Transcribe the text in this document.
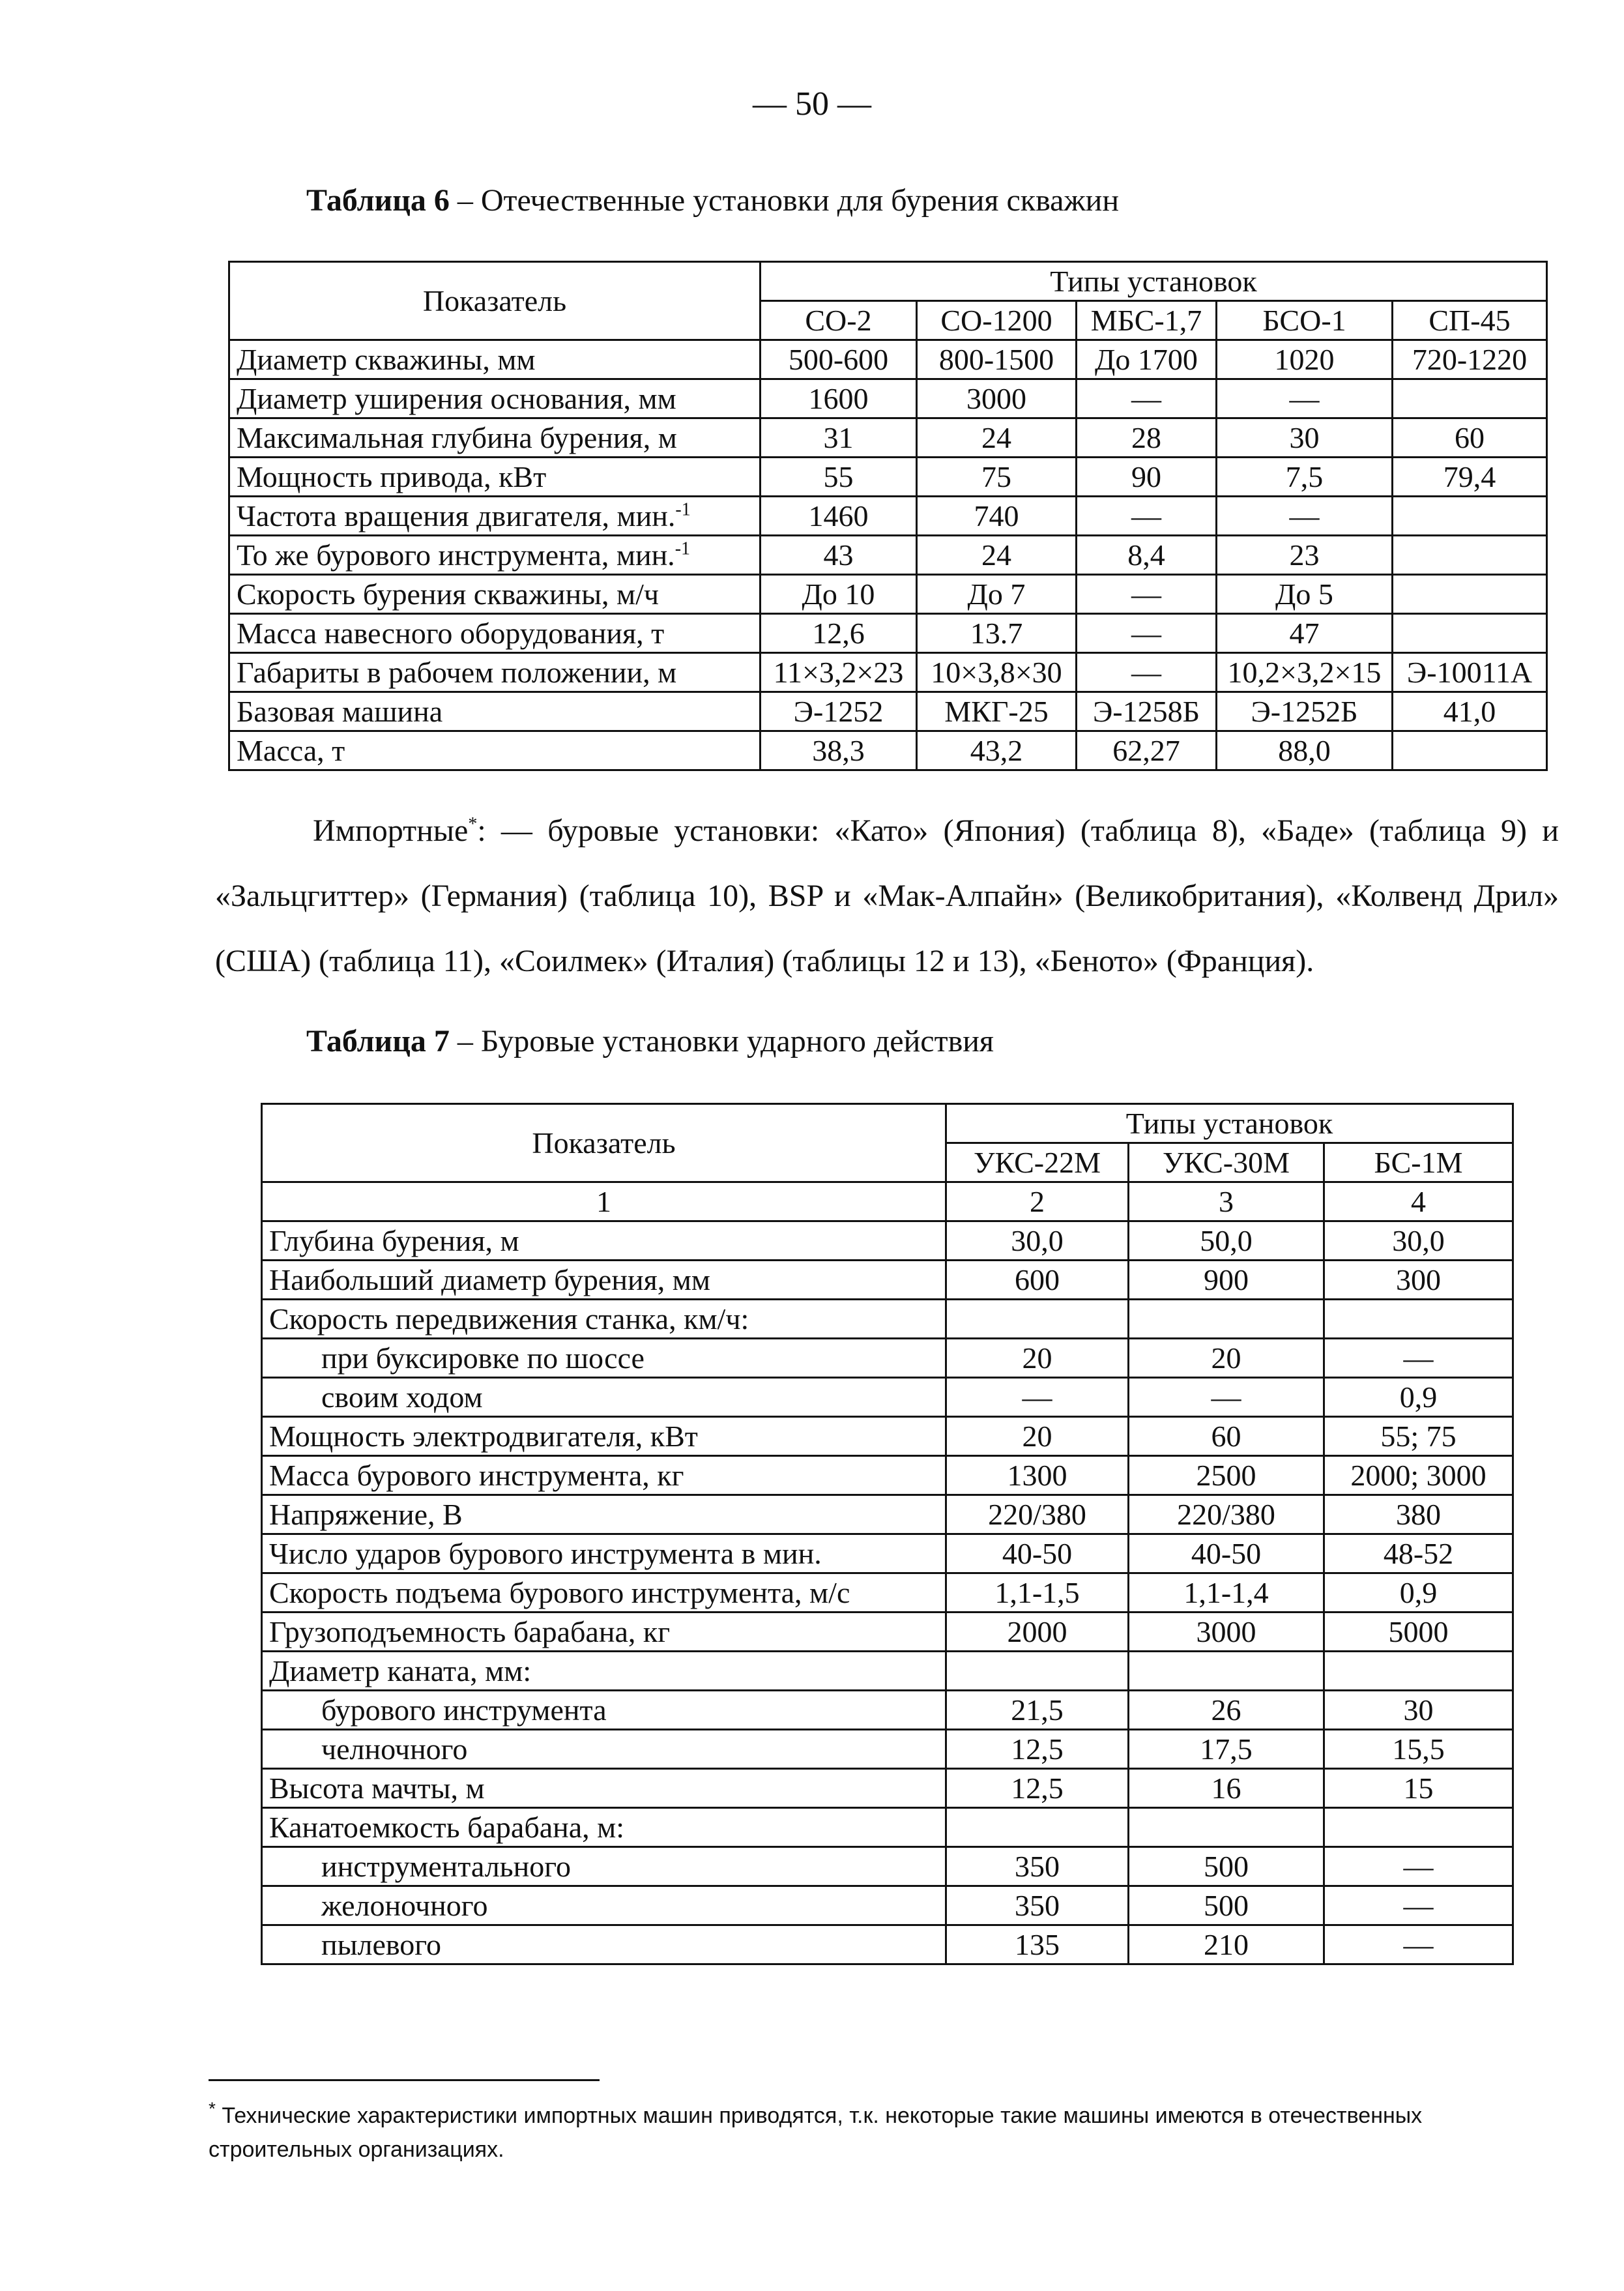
— 50 —
Таблица 6 – Отечественные установки для бурения скважин
Показатель	Типы установок				
	СО-2	СО-1200	МБС-1,7	БСО-1	СП-45
Диаметр скважины, мм	500-600	800-1500	До 1700	1020	720-1220
Диаметр уширения основания, мм	1600	3000	—	—	
Максимальная глубина бурения, м	31	24	28	30	60
Мощность привода, кВт	55	75	90	7,5	79,4
Частота вращения двигателя, мин.$^{-1}$	1460	740	—	—	
То же бурового инструмента, мин.$^{-1}$	43	24	8,4	23	
Скорость бурения скважины, м/ч	До 10	До 7	—	До 5	
Масса навесного оборудования, т	12,6	13.7	—	47	
Габариты в рабочем положении, м	11×3,2×23	10×3,8×30	—	10,2×3,2×15	Э-10011А
Базовая машина	Э-1252	МКГ-25	Э-1258Б	Э-1252Б	41,0
Масса, т	38,3	43,2	62,27	88,0	

Импортные*: — буровые установки: «Като» (Япония) (таблица 8), «Баде» (таблица 9) и «Зальцгиттер» (Германия) (таблица 10), BSP и «Мак-Алпайн» (Великобритания), «Колвенд Дрил» (США) (таблица 11), «Соилмек» (Италия) (таблицы 12 и 13), «Беното» (Франция).

Таблица 7 – Буровые установки ударного действия
Показатель	Типы установок		
	УКС-22М	УКС-30М	БС-1М
1	2	3	4
Глубина бурения, м	30,0	50,0	30,0
Наибольший диаметр бурения, мм	600	900	300
Скорость передвижения станка, км/ч:			
при буксировке по шоссе	20	20	—
своим ходом	—	—	0,9
Мощность электродвигателя, кВт	20	60	55; 75
Масса бурового инструмента, кг	1300	2500	2000; 3000
Напряжение, В	220/380	220/380	380
Число ударов бурового инструмента в мин.	40-50	40-50	48-52
Скорость подъема бурового инструмента, м/с	1,1-1,5	1,1-1,4	0,9
Грузоподъемность барабана, кг	2000	3000	5000
Диаметр каната, мм:			
бурового инструмента	21,5	26	30
челночного	12,5	17,5	15,5
Высота мачты, м	12,5	16	15
Канатоемкость барабана, м:			
инструментального	350	500	—
желоночного	350	500	—
пылевого	135	210	—
* Технические характеристики импортных машин приводятся, т.к. некоторые такие машины имеются в отечественных строительных организациях.
